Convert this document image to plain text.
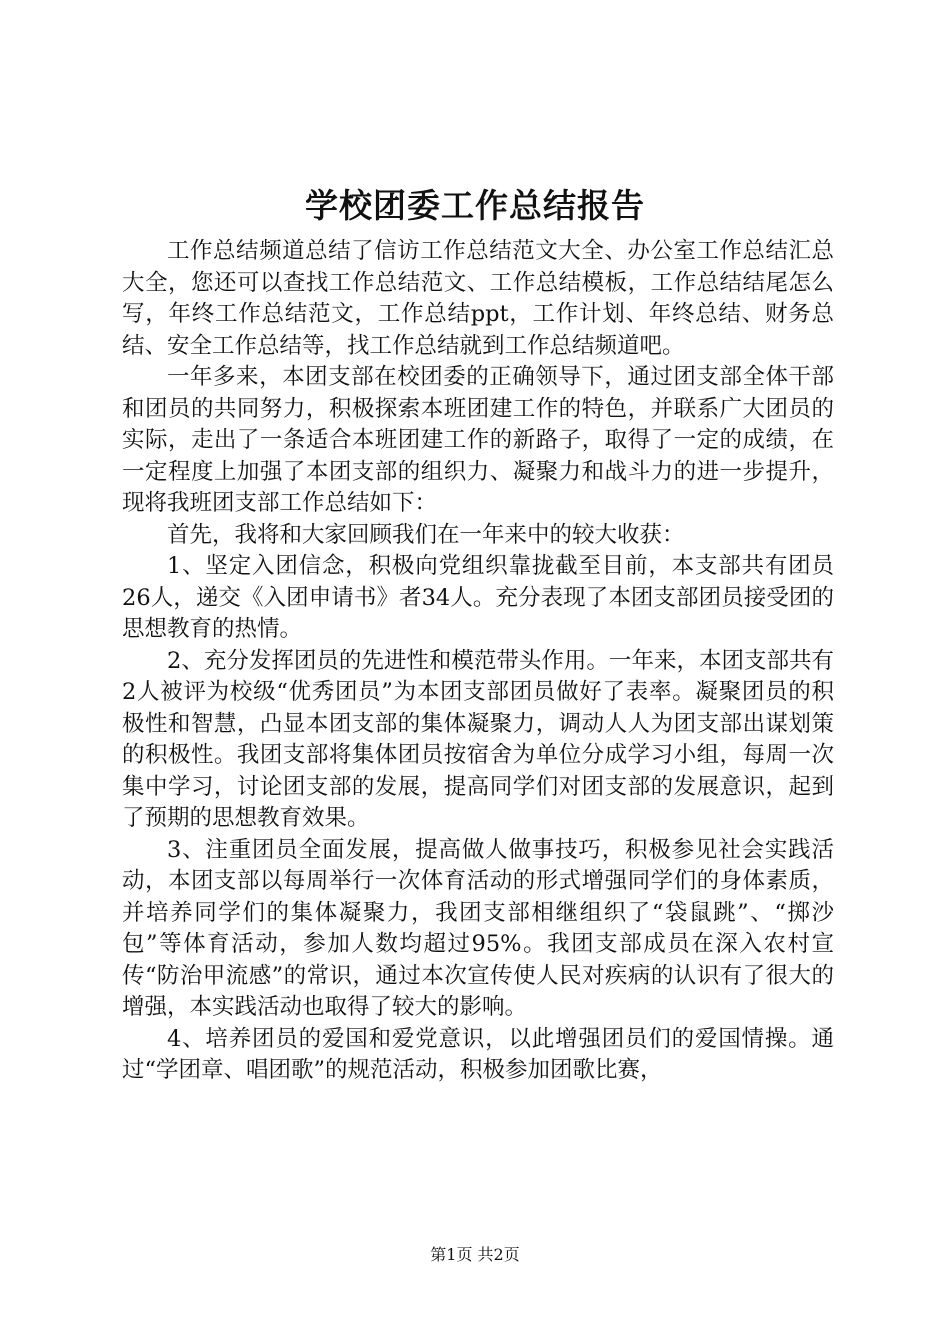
学校团委工作总结报告

工作总结频道总结了信访工作总结范文大全、办公室工作总结汇总大全，您还可以查找工作总结范文、工作总结模板，工作总结结尾怎么写，年终工作总结范文，工作总结ppt，工作计划、年终总结、财务总结、安全工作总结等，找工作总结就到工作总结频道吧。

一年多来，本团支部在校团委的正确领导下，通过团支部全体干部和团员的共同努力，积极探索本班团建工作的特色，并联系广大团员的实际，走出了一条适合本班团建工作的新路子，取得了一定的成绩，在一定程度上加强了本团支部的组织力、凝聚力和战斗力的进一步提升，现将我班团支部工作总结如下：

首先，我将和大家回顾我们在一年来中的较大收获：

1、坚定入团信念，积极向党组织靠拢截至目前，本支部共有团员26人，递交《入团申请书》者34人。充分表现了本团支部团员接受团的思想教育的热情。

2、充分发挥团员的先进性和模范带头作用。一年来，本团支部共有2人被评为校级“优秀团员”为本团支部团员做好了表率。凝聚团员的积极性和智慧，凸显本团支部的集体凝聚力，调动人人为团支部出谋划策的积极性。我团支部将集体团员按宿舍为单位分成学习小组，每周一次集中学习，讨论团支部的发展，提高同学们对团支部的发展意识，起到了预期的思想教育效果。

3、注重团员全面发展，提高做人做事技巧，积极参见社会实践活动，本团支部以每周举行一次体育活动的形式增强同学们的身体素质，并培养同学们的集体凝聚力，我团支部相继组织了“袋鼠跳”、“掷沙包”等体育活动，参加人数均超过95%。我团支部成员在深入农村宣传“防治甲流感”的常识，通过本次宣传使人民对疾病的认识有了很大的增强，本实践活动也取得了较大的影响。

4、培养团员的爱国和爱党意识，以此增强团员们的爱国情操。通过“学团章、唱团歌”的规范活动，积极参加团歌比赛，

第1页 共2页
